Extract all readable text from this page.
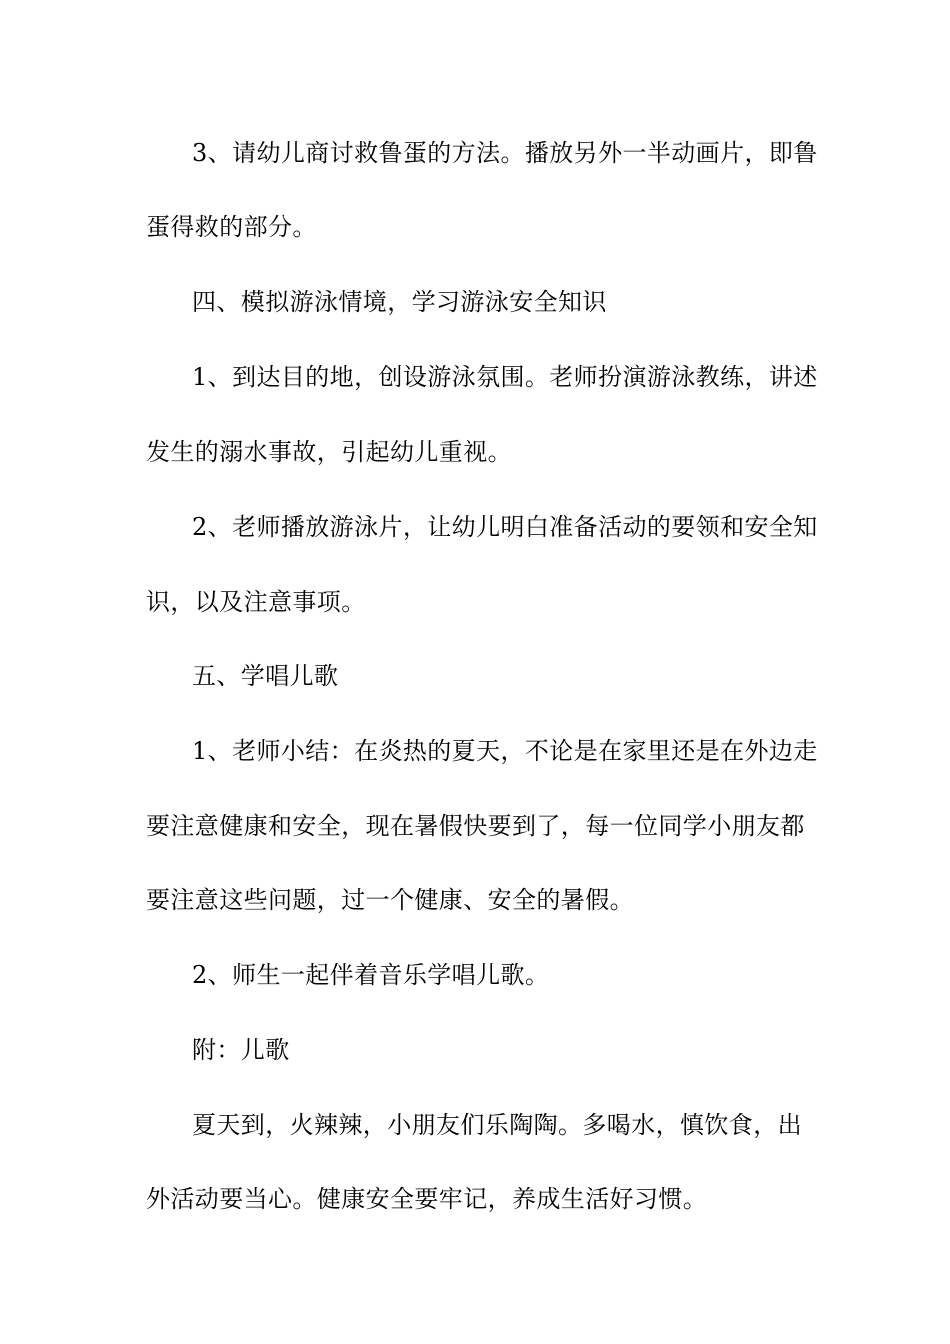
3、请幼儿商讨救鲁蛋的方法。播放另外一半动画片，即鲁
蛋得救的部分。
四、模拟游泳情境，学习游泳安全知识
1、到达目的地，创设游泳氛围。老师扮演游泳教练，讲述
发生的溺水事故，引起幼儿重视。
2、老师播放游泳片，让幼儿明白准备活动的要领和安全知
识，以及注意事项。
五、学唱儿歌
1、老师小结：在炎热的夏天，不论是在家里还是在外边走
要注意健康和安全，现在暑假快要到了，每一位同学小朋友都
要注意这些问题，过一个健康、安全的暑假。
2、师生一起伴着音乐学唱儿歌。
附：儿歌
夏天到，火辣辣，小朋友们乐陶陶。多喝水，慎饮食，出
外活动要当心。健康安全要牢记，养成生活好习惯。
